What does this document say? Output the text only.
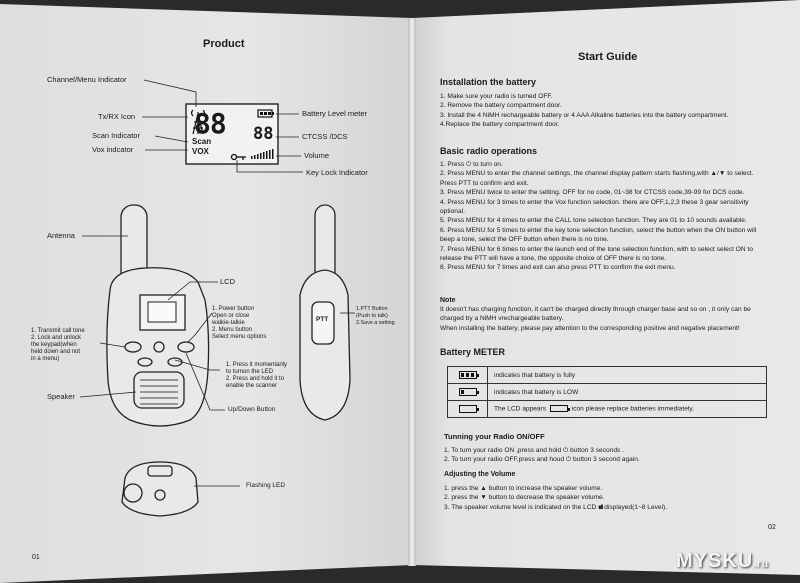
Product
88 88
Scan
VOX
Channel/Menu Indicator
Tx/RX Icon
Scan Indicator
Vox indcator
Battery Level meter
CTCSS /DCS
Volume
Key Lock Indicator
Antenna
LCD
1. Power button
Open or close
walkie-talkie
2. Menu button
Select menu options
1. Transmit call tone
2. Lock and unlock
the keypad(when
held down and not
in a menu)
1. Press it momentarily
to turnon the LED
2. Press and hold it to
enable the scanner
Speaker
Up/Down Button
PTT
1.PTT Button
(Push to talk)
2.Save a setting
Flashing LED
01
Start Guide
Installation the battery
1. Make sure your radio is turned OFF.
2. Remove the battery compartment door.
3. Install the 4 NiMH rechargeable battery or 4 AAA Alkaline batteries into the battery compartment.
4.Replace the battery compartment door.
Basic radio operations
1. Press ⏻ to turn on.
2. Press MENU to enter the channel settings, the channel display pattern starts flashing,with ▲/▼ to select. Press PTT to confirm and exit.
3. Press MENU twice to enter the setting. OFF for no code, 01~38 for CTCSS code,39-99 for DCS code.
4. Press MENU for 3 times to enter the Vox function selection. there are OFF,1,2,3 these 3 gear sensitivity optional.
5. Press MENU for 4 times to enter the CALL tone selection function. They are 01 to 10 sounds available.
6. Press MENU for 5 times to enter the key tone selection function, select the button when the ON button will beep a tone, select the OFF button when there is no tone.
7. Press MENU for 6 times to enter the launch end of the tone selection function, with to select select ON to release the PTT will have a tone, the opposite choice of OFF there is no tone.
8. Press MENU for 7 times and exit can also press PTT to confirm the exit menu.
Note
It doesn't has charging function, it can't be charged directly through charger base and so on , it only can be charged by a NiMH vrechargeable battery.
When installing the battery, please pay attention to the corresponding positive and negative placement!
Battery METER
	indicates that battery is fully

	indicates that battery is LOW
	The LCD appears icon please replace batteries immediately.
Tunning your Radio ON/OFF
1. To turn your radio ON ,press and hold ⏻ button 3 seconds .
2. To turn your radio OFF,press and houd ⏻ button 3 second again.
Adjusting the Volume
1. press the ▲ button to increase the speaker volume.
2. press the ▼ button to decrease the speaker volume.
3. The speaker volume level is indicated on the LCD ıııIl displayed(1~8 Level).
02
MYSKU.ru
